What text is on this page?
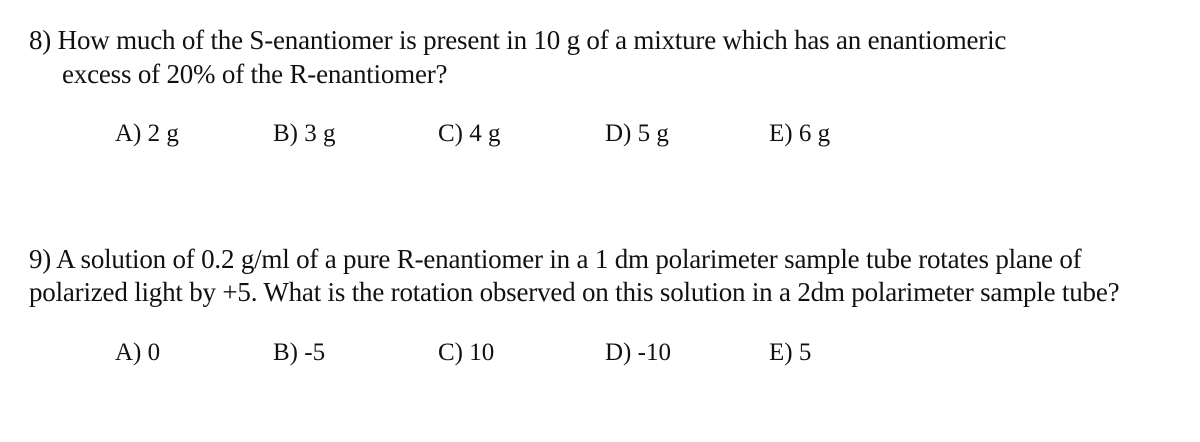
8) How much of the S-enantiomer is present in 10 g of a mixture which has an enantiomeric
excess of 20% of the R-enantiomer?
A) 2 g	B) 3 g	C) 4 g	D) 5 g	E) 6 g
9) A solution of 0.2 g/ml of a pure R-enantiomer in a 1 dm polarimeter sample tube rotates plane of
polarized light by +5. What is the rotation observed on this solution in a 2dm polarimeter sample tube?
A) 0	B) -5	C) 10	D) -10	E) 5
